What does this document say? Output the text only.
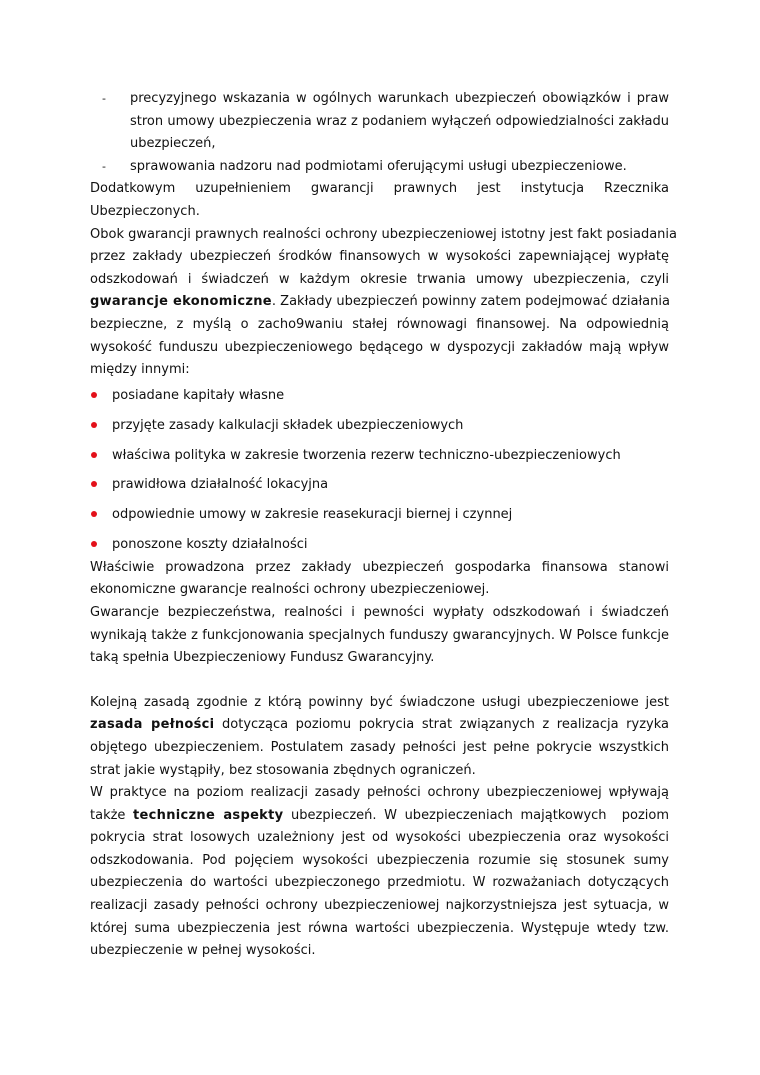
- precyzyjnego wskazania w ogólnych warunkach ubezpieczeń obowiązków i praw
stron umowy ubezpieczenia wraz z podaniem wyłączeń odpowiedzialności zakładu
ubezpieczeń,
- sprawowania nadzoru nad podmiotami oferującymi usługi ubezpieczeniowe.
Dodatkowym uzupełnieniem gwarancji prawnych jest instytucja Rzecznika
Ubezpieczonych.
Obok gwarancji prawnych realności ochrony ubezpieczeniowej istotny jest fakt posiadania
przez zakłady ubezpieczeń środków finansowych w wysokości zapewniającej wypłatę
odszkodowań i świadczeń w każdym okresie trwania umowy ubezpieczenia, czyli
gwarancje ekonomiczne. Zakłady ubezpieczeń powinny zatem podejmować działania
bezpieczne, z myślą o zacho9waniu stałej równowagi finansowej. Na odpowiednią
wysokość funduszu ubezpieczeniowego będącego w dyspozycji zakładów mają wpływ
między innymi:
posiadane kapitały własne
przyjęte zasady kalkulacji składek ubezpieczeniowych
właściwa polityka w zakresie tworzenia rezerw techniczno-ubezpieczeniowych
prawidłowa działalność lokacyjna
odpowiednie umowy w zakresie reasekuracji biernej i czynnej
ponoszone koszty działalności
Właściwie prowadzona przez zakłady ubezpieczeń gospodarka finansowa stanowi
ekonomiczne gwarancje realności ochrony ubezpieczeniowej.
Gwarancje bezpieczeństwa, realności i pewności wypłaty odszkodowań i świadczeń
wynikają także z funkcjonowania specjalnych funduszy gwarancyjnych. W Polsce funkcje
taką spełnia Ubezpieczeniowy Fundusz Gwarancyjny.
Kolejną zasadą zgodnie z którą powinny być świadczone usługi ubezpieczeniowe jest
zasada pełności dotycząca poziomu pokrycia strat związanych z realizacja ryzyka
objętego ubezpieczeniem. Postulatem zasady pełności jest pełne pokrycie wszystkich
strat jakie wystąpiły, bez stosowania zbędnych ograniczeń.
W praktyce na poziom realizacji zasady pełności ochrony ubezpieczeniowej wpływają
także techniczne aspekty ubezpieczeń. W ubezpieczeniach majątkowych  poziom
pokrycia strat losowych uzależniony jest od wysokości ubezpieczenia oraz wysokości
odszkodowania. Pod pojęciem wysokości ubezpieczenia rozumie się stosunek sumy
ubezpieczenia do wartości ubezpieczonego przedmiotu. W rozważaniach dotyczących
realizacji zasady pełności ochrony ubezpieczeniowej najkorzystniejsza jest sytuacja, w
której suma ubezpieczenia jest równa wartości ubezpieczenia. Występuje wtedy tzw.
ubezpieczenie w pełnej wysokości.
